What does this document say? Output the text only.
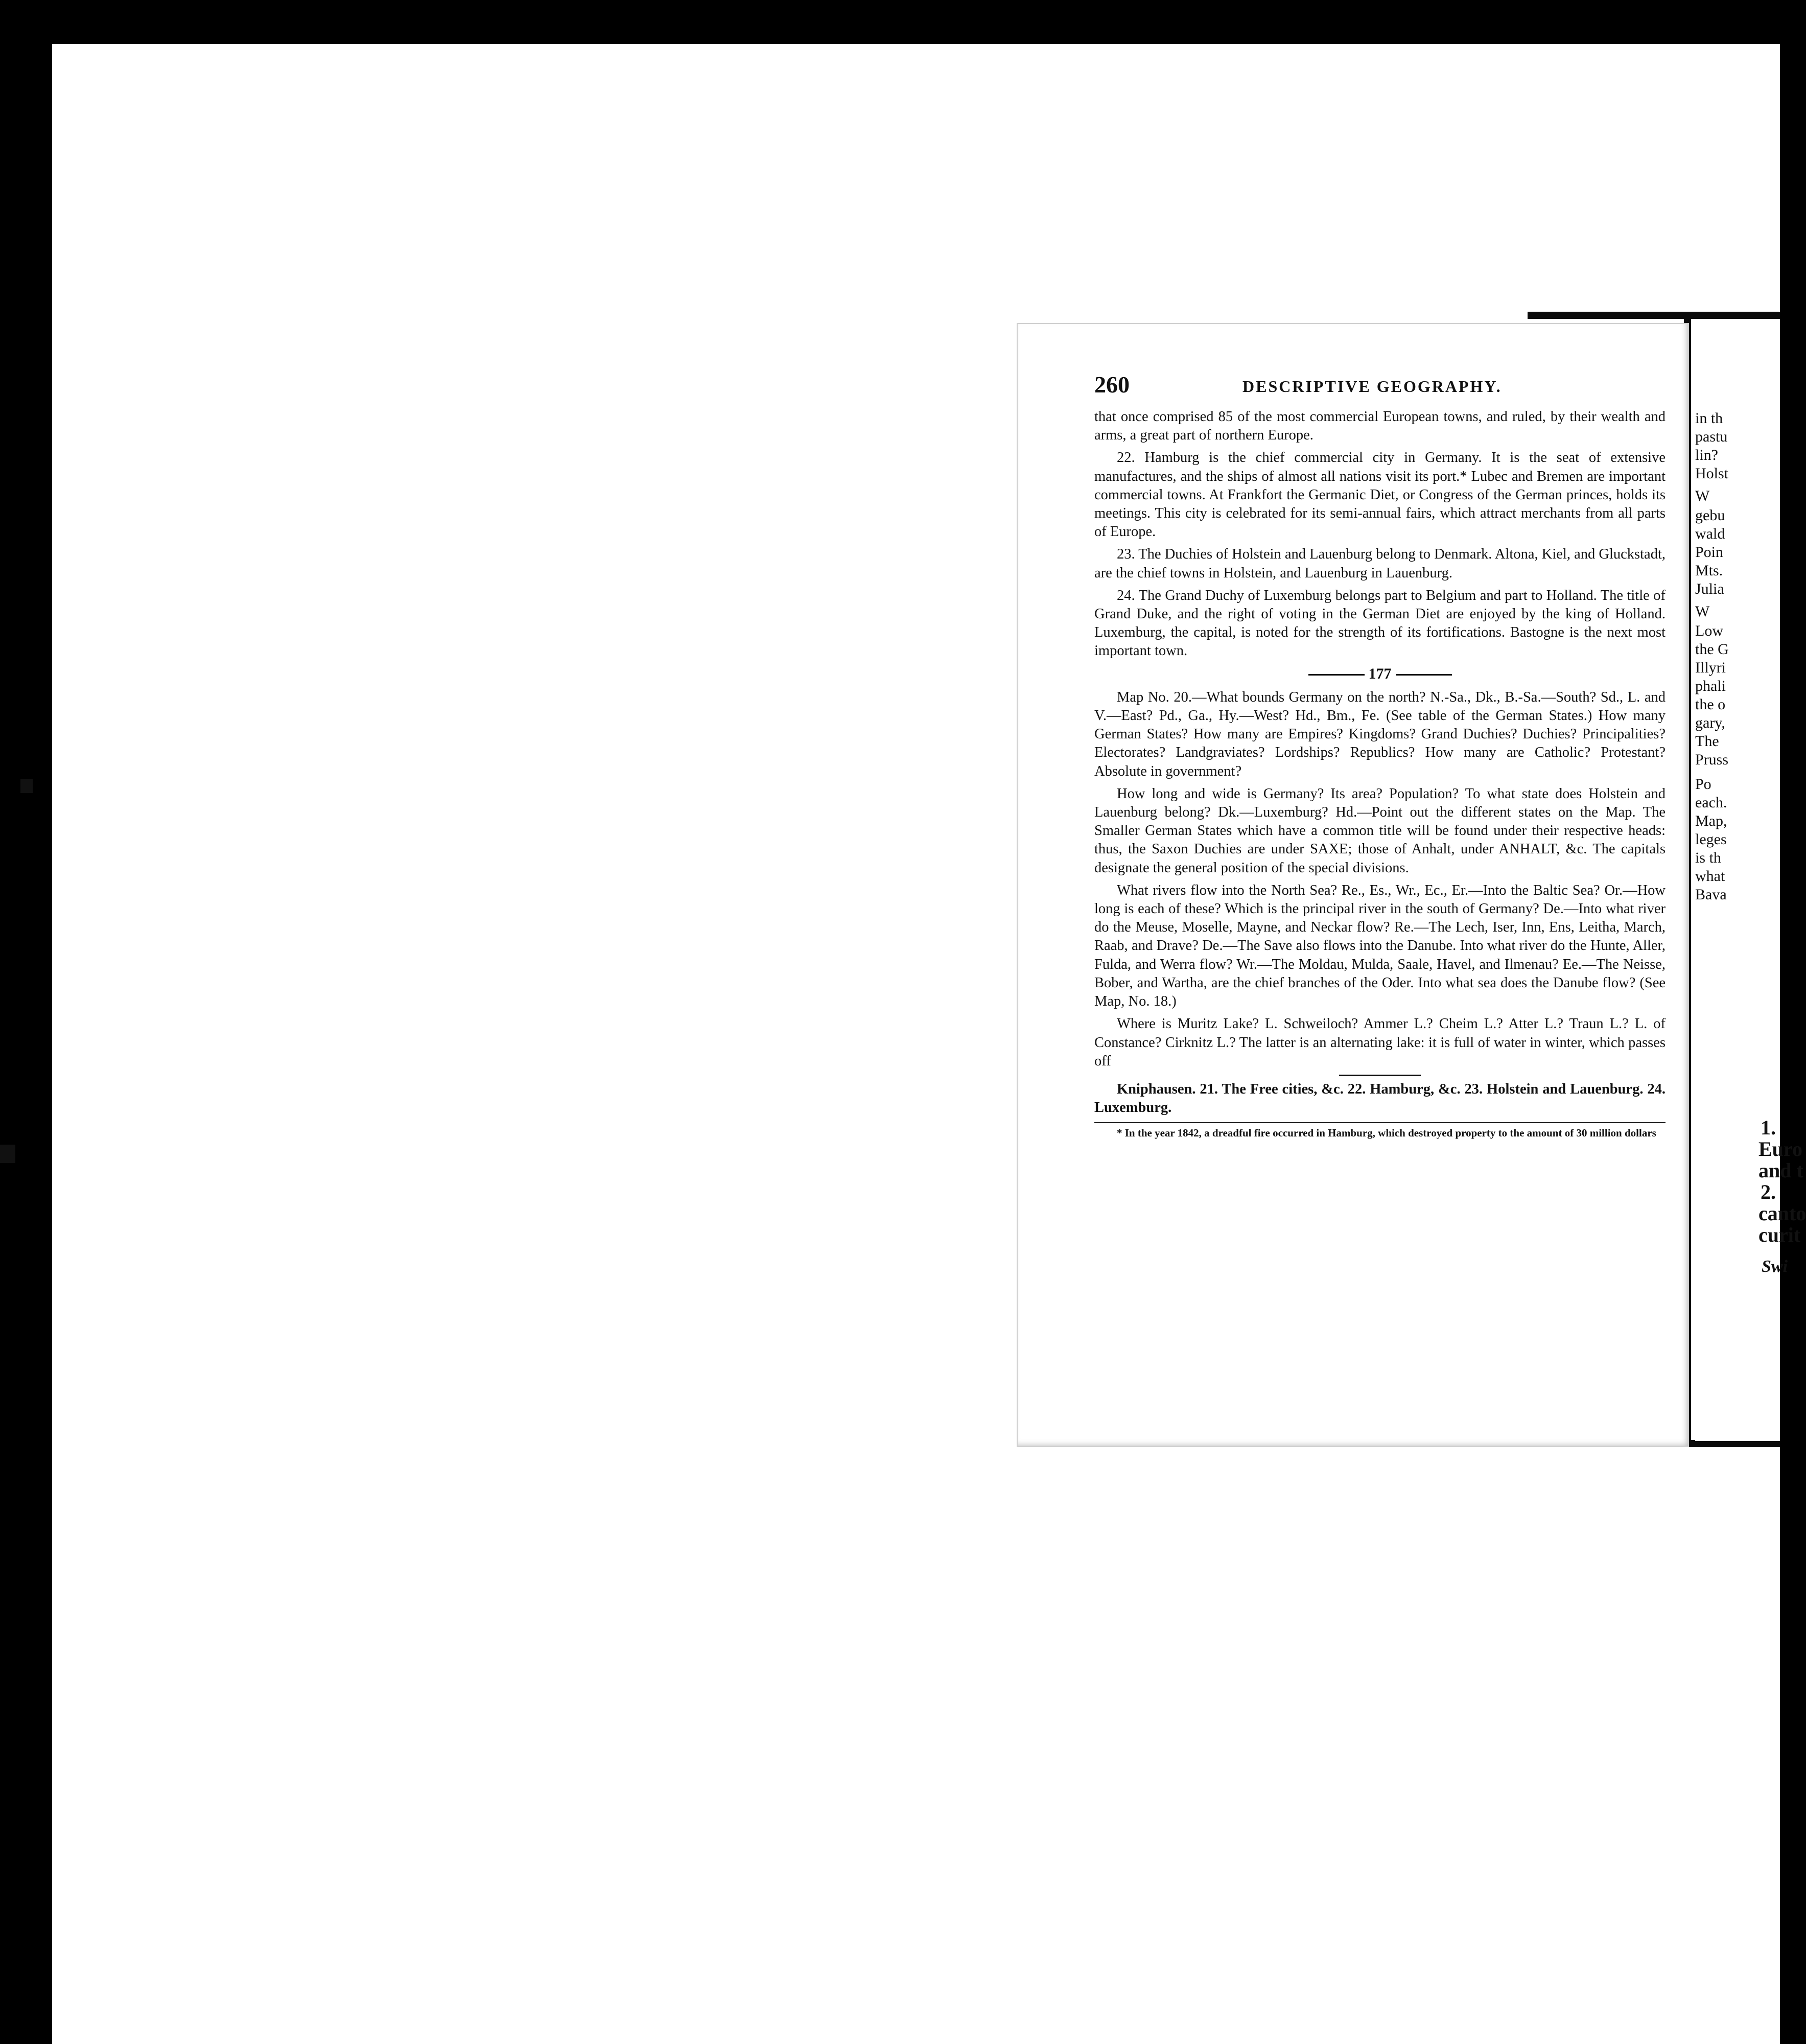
260	DESCRIPTIVE GEOGRAPHY.

that once comprised 85 of the most commercial European towns, and ruled, by their wealth and arms, a great part of northern Europe.

22. Hamburg is the chief commercial city in Germany. It is the seat of extensive manufactures, and the ships of almost all nations visit its port.* Lubec and Bremen are important commercial towns. At Frankfort the Germanic Diet, or Congress of the German princes, holds its meetings. This city is celebrated for its semi-annual fairs, which attract merchants from all parts of Europe.

23. The Duchies of Holstein and Lauenburg belong to Denmark. Altona, Kiel, and Gluckstadt, are the chief towns in Holstein, and Lauenburg in Lauenburg.

24. The Grand Duchy of Luxemburg belongs part to Belgium and part to Holland. The title of Grand Duke, and the right of voting in the German Diet are enjoyed by the king of Holland. Luxemburg, the capital, is noted for the strength of its fortifications. Bastogne is the next most important town.

177

Map No. 20.—What bounds Germany on the north? N.-Sa., Dk., B.-Sa.—South? Sd., L. and V.—East? Pd., Ga., Hy.—West? Hd., Bm., Fe. (See table of the German States.) How many German States? How many are Empires? Kingdoms? Grand Duchies? Duchies? Principalities? Electorates? Landgraviates? Lordships? Republics? How many are Catholic? Protestant? Absolute in government?

How long and wide is Germany? Its area? Population? To what state does Holstein and Lauenburg belong? Dk.—Luxemburg? Hd.—Point out the different states on the Map. The Smaller German States which have a common title will be found under their respective heads: thus, the Saxon Duchies are under SAXE; those of Anhalt, under ANHALT, &c. The capitals designate the general position of the special divisions.

What rivers flow into the North Sea? Re., Es., Wr., Ec., Er.—Into the Baltic Sea? Or.—How long is each of these? Which is the principal river in the south of Germany? De.—Into what river do the Meuse, Moselle, Mayne, and Neckar flow? Re.—The Lech, Iser, Inn, Ens, Leitha, March, Raab, and Drave? De.—The Save also flows into the Danube. Into what river do the Hunte, Aller, Fulda, and Werra flow? Wr.—The Moldau, Mulda, Saale, Havel, and Ilmenau? Ee.—The Neisse, Bober, and Wartha, are the chief branches of the Oder. Into what sea does the Danube flow? (See Map, No. 18.)

Where is Muritz Lake? L. Schweiloch? Ammer L.? Cheim L.? Atter L.? Traun L.? L. of Constance? Cirknitz L.? The latter is an alternating lake: it is full of water in winter, which passes off

Kniphausen. 21. The Free cities, &c. 22. Hamburg, &c. 23. Holstein and Lauenburg. 24. Luxemburg.

* In the year 1842, a dreadful fire occurred in Hamburg, which destroyed property to the amount of 30 million dollars

in th
pastu
lin?
Holst
W
gebu
wald
Poin
Mts.
Julia
W
Low
the G
Illyri
phali
the o
gary,
The
Pruss
Po
each.
Map,
leges
is th
what
Bava
1.
Euro
and t
2.
canto
curit
Swi
